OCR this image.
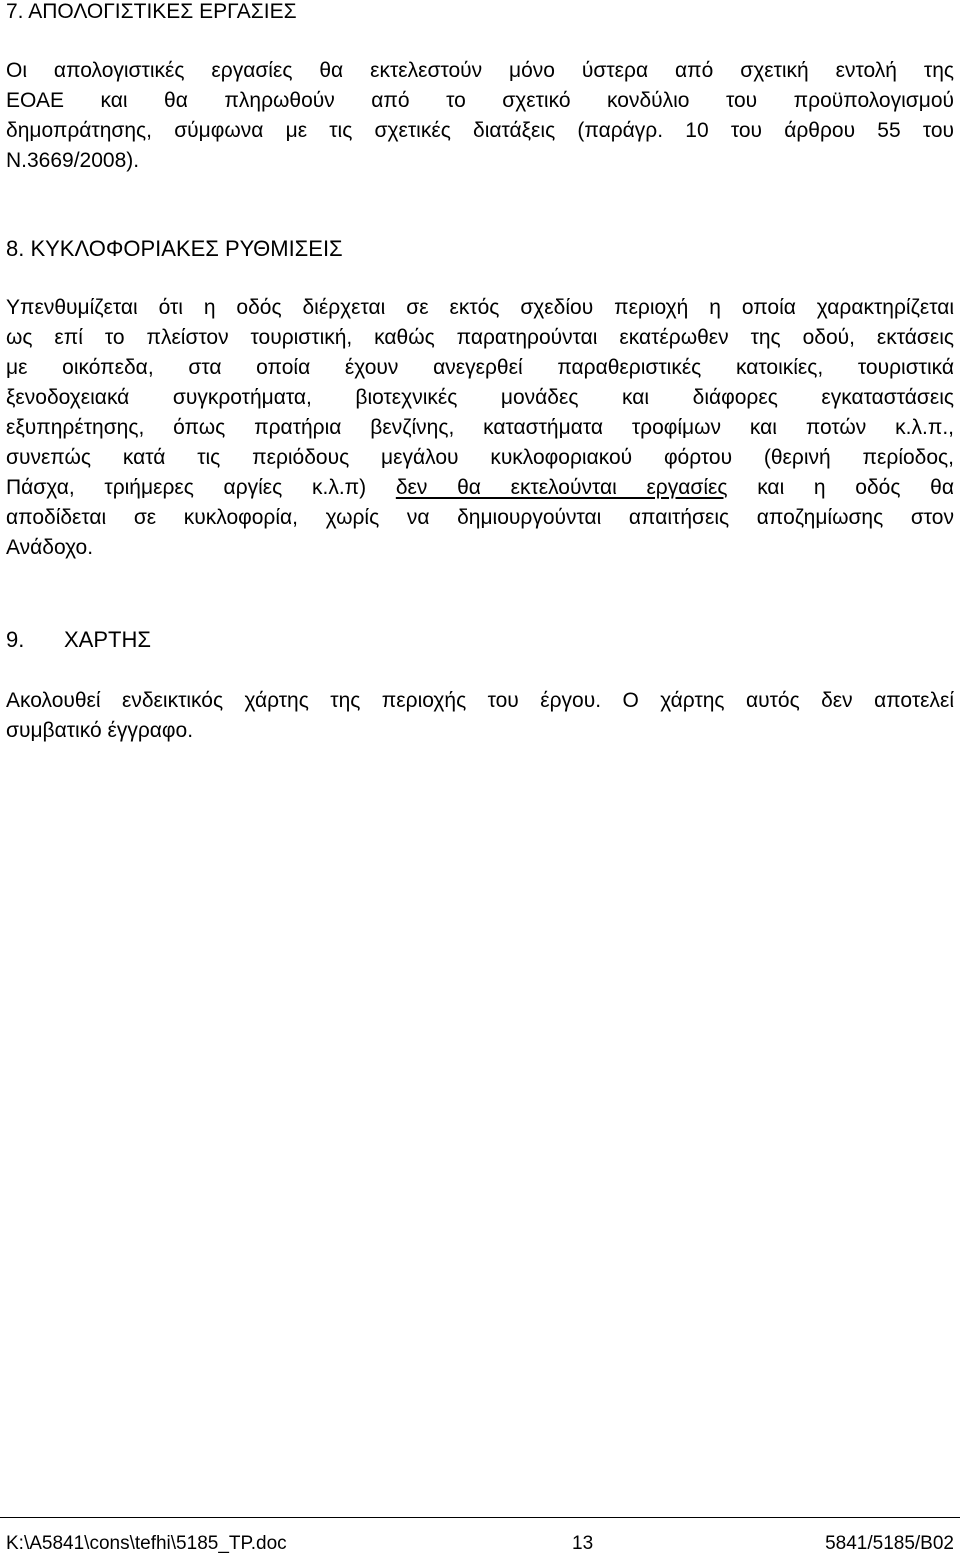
7. ΑΠΟΛΟΓΙΣΤΙΚΕΣ ΕΡΓΑΣΙΕΣ
Οι απολογιστικές εργασίες θα εκτελεστούν μόνο ύστερα από σχετική εντολή της
ΕΟΑΕ και θα πληρωθούν από το σχετικό κονδύλιο του προϋπολογισμού
δημοπράτησης, σύμφωνα με τις σχετικές διατάξεις (παράγρ. 10 του άρθρου 55 του
Ν.3669/2008).
8. ΚΥΚΛΟΦΟΡΙΑΚΕΣ ΡΥΘΜΙΣΕΙΣ
Υπενθυμίζεται ότι η οδός διέρχεται σε εκτός σχεδίου περιοχή η οποία χαρακτηρίζεται
ως επί το πλείστον τουριστική, καθώς παρατηρούνται εκατέρωθεν της οδού, εκτάσεις
με οικόπεδα, στα οποία έχουν ανεγερθεί παραθεριστικές κατοικίες, τουριστικά
ξενοδοχειακά συγκροτήματα, βιοτεχνικές μονάδες και διάφορες εγκαταστάσεις
εξυπηρέτησης, όπως πρατήρια βενζίνης, καταστήματα τροφίμων και ποτών κ.λ.π.,
συνεπώς κατά τις περιόδους μεγάλου κυκλοφοριακού φόρτου (θερινή περίοδος,
Πάσχα, τριήμερες αργίες κ.λ.π) δεν θα εκτελούνται εργασίες και η οδός θα
αποδίδεται σε κυκλοφορία, χωρίς να δημιουργούνται απαιτήσεις αποζημίωσης στον
Ανάδοχο.
9. ΧΑΡΤΗΣ
Ακολουθεί ενδεικτικός χάρτης της περιοχής του έργου. Ο χάρτης αυτός δεν αποτελεί
συμβατικό έγγραφο.
K:\A5841\cons\tefhi\5185_TP.doc	13	5841/5185/B02
